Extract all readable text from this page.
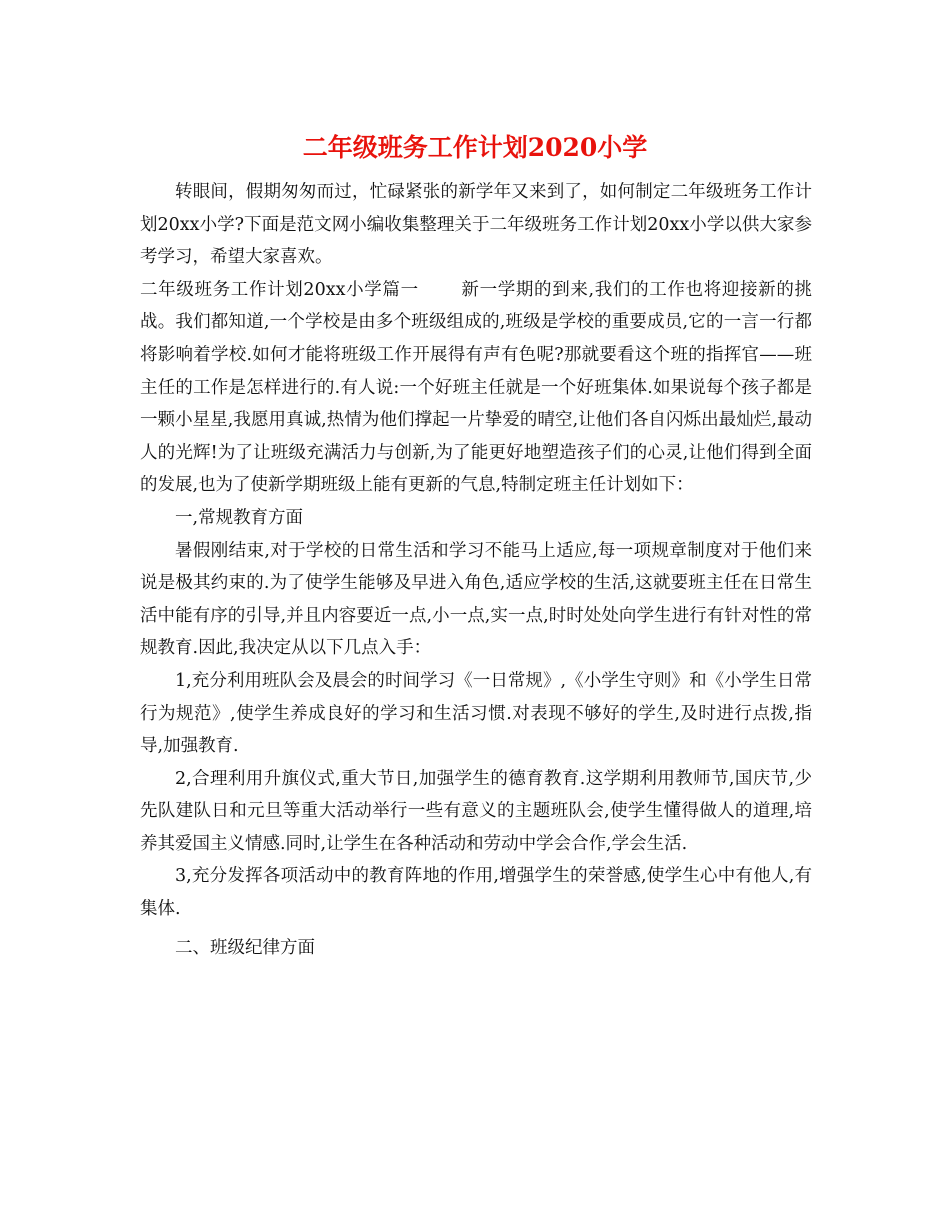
二年级班务工作计划2020小学

转眼间，假期匆匆而过，忙碌紧张的新学年又来到了，如何制定二年级班务工作计划20xx小学?下面是范文网小编收集整理关于二年级班务工作计划20xx小学以供大家参考学习，希望大家喜欢。

二年级班务工作计划20xx小学篇一 新一学期的到来,我们的工作也将迎接新的挑战。我们都知道,一个学校是由多个班级组成的,班级是学校的重要成员,它的一言一行都将影响着学校.如何才能将班级工作开展得有声有色呢?那就要看这个班的指挥官——班主任的工作是怎样进行的.有人说:一个好班主任就是一个好班集体.如果说每个孩子都是一颗小星星,我愿用真诚,热情为他们撑起一片挚爱的晴空,让他们各自闪烁出最灿烂,最动人的光辉!为了让班级充满活力与创新,为了能更好地塑造孩子们的心灵,让他们得到全面的发展,也为了使新学期班级上能有更新的气息,特制定班主任计划如下：

一,常规教育方面

暑假刚结束,对于学校的日常生活和学习不能马上适应,每一项规章制度对于他们来说是极其约束的.为了使学生能够及早进入角色,适应学校的生活,这就要班主任在日常生活中能有序的引导,并且内容要近一点,小一点,实一点,时时处处向学生进行有针对性的常规教育.因此,我决定从以下几点入手：

1,充分利用班队会及晨会的时间学习《一日常规》,《小学生守则》和《小学生日常行为规范》,使学生养成良好的学习和生活习惯.对表现不够好的学生,及时进行点拨,指导,加强教育.

2,合理利用升旗仪式,重大节日,加强学生的德育教育.这学期利用教师节,国庆节,少先队建队日和元旦等重大活动举行一些有意义的主题班队会,使学生懂得做人的道理,培养其爱国主义情感.同时,让学生在各种活动和劳动中学会合作,学会生活.

3,充分发挥各项活动中的教育阵地的作用,增强学生的荣誉感,使学生心中有他人,有集体.

二、班级纪律方面
